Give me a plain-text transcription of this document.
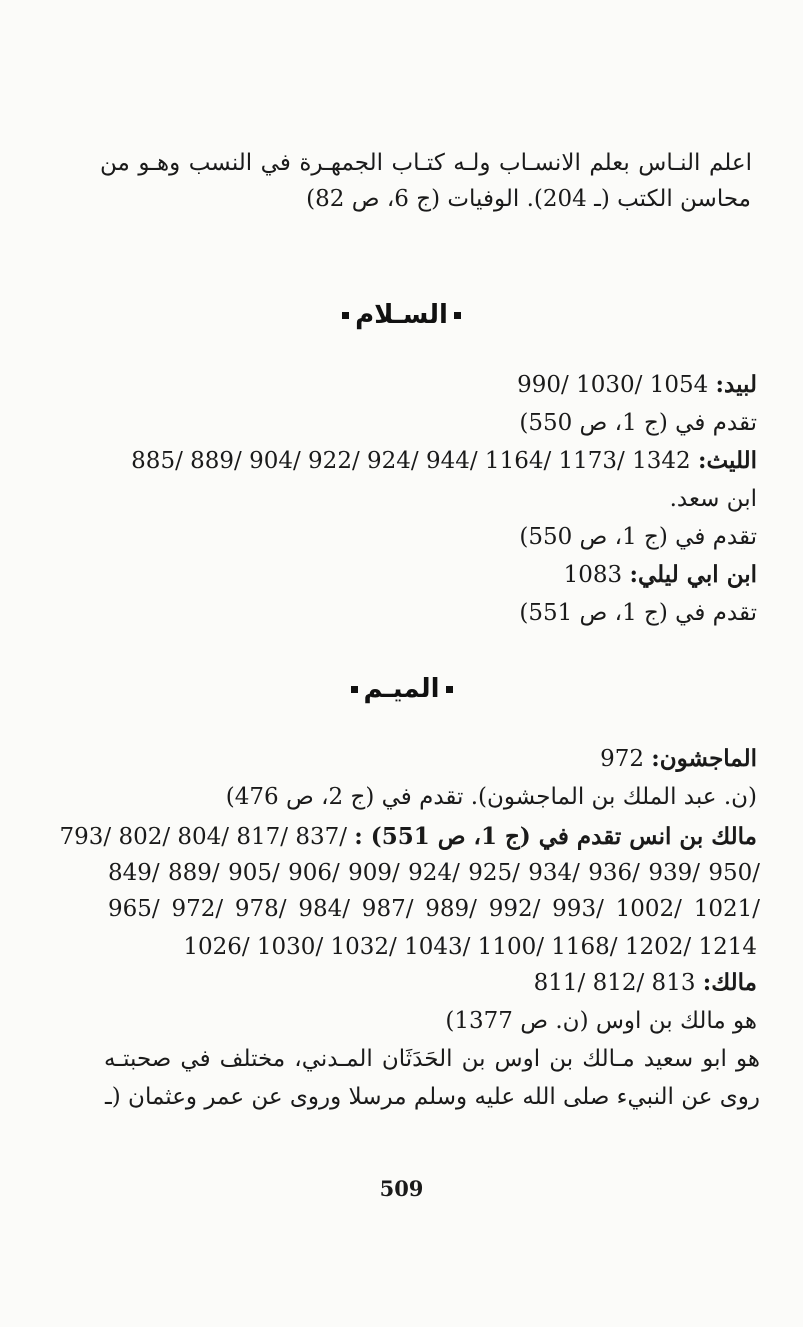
اعلم النـاس بعلم الانسـاب ولـه كتـاب الجمهـرة في النسب وهـو من
محاسن الكتب (ـ 204). الوفيات (ج 6، ص 82)
السـلام
لبيد: 990/ 1030/ 1054
تقدم في (ج 1، ص 550)
الليث: 885/ 889/ 904/ 922/ 924/ 944/ 1164/ 1173/ 1342
ابن سعد.
تقدم في (ج 1، ص 550)
ابن ابي ليلي: 1083
تقدم في (ج 1، ص 551)
الميـم
الماجشون: 972
(ن. عبد الملك بن الماجشون). تقدم في (ج 2، ص 476)
مالك بن انس تقدم في (ج 1، ص 551) : 793/ 802/ 804/ 817/ 837/
849/ 889/ 905/ 906/ 909/ 924/ 925/ 934/ 936/ 939/ 950/
965/ 972/ 978/ 984/ 987/ 989/ 992/ 993/ 1002/ 1021/
1026/ 1030/ 1032/ 1043/ 1100/ 1168/ 1202/ 1214
مالك: 811/ 812/ 813
هو مالك بن اوس (ن. ص 1377)
هو ابو سعيد مـالك بن اوس بن الحَدَثَان المـدني، مختلف في صحبتـه
روى عن النبيء صلى الله عليه وسلم مرسلا وروى عن عمر وعثمان (ـ
509
